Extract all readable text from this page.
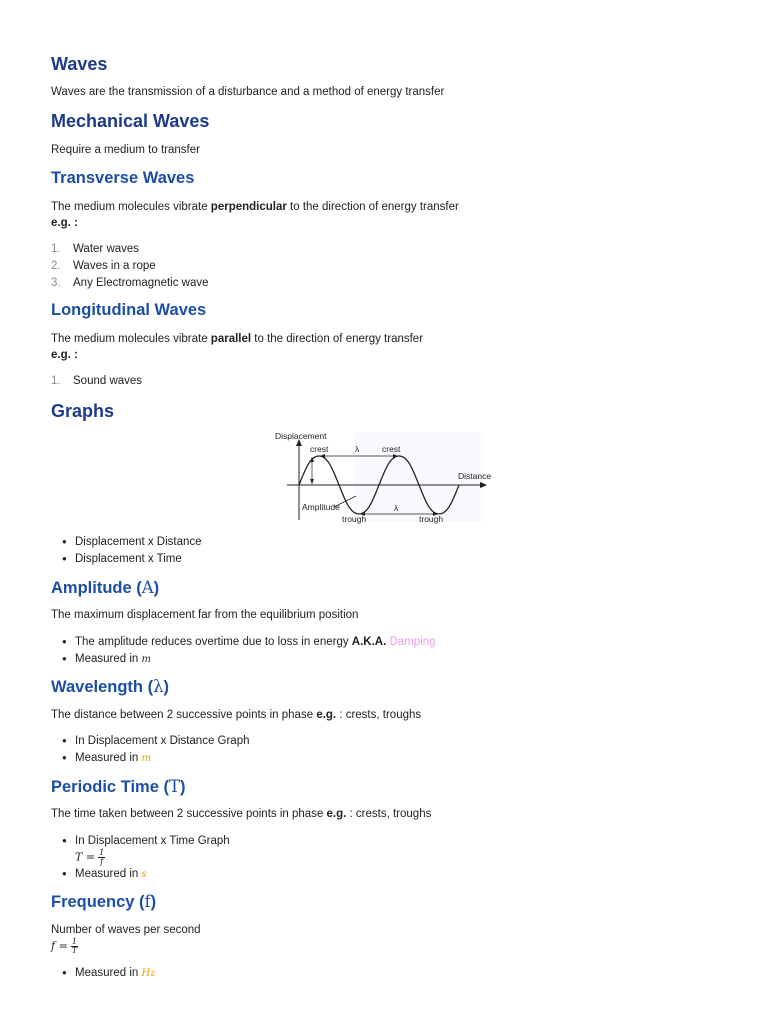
Waves

Waves are the transmission of a disturbance and a method of energy transfer

Mechanical Waves

Require a medium to transfer

Transverse Waves

The medium molecules vibrate perpendicular to the direction of energy transfer

e.g. :

1. Water waves

2. Waves in a rope

3. Any Electromagnetic wave

Longitudinal Waves

The medium molecules vibrate parallel to the direction of energy transfer

e.g. :

1. Sound waves

Graphs
Displacement
crest	λ	crest
Distance
Amplitude
trough
λ
trough
● Displacement x Distance

● Displacement x Time

Amplitude (A)

The maximum displacement far from the equilibrium position

● The amplitude reduces overtime due to loss in energy A.K.A. Damping

● Measured in m

Wavelength (λ)

The distance between 2 successive points in phase e.g. : crests, troughs

● In Displacement x Distance Graph

● Measured in m

Periodic Time (T)

The time taken between 2 successive points in phase e.g. : crests, troughs

● In Displacement x Time Graph

$T = \frac{1}{f}$

● Measured in s

Frequency (f)

Number of waves per second

$f = \frac{1}{T}$

● Measured in Hz
